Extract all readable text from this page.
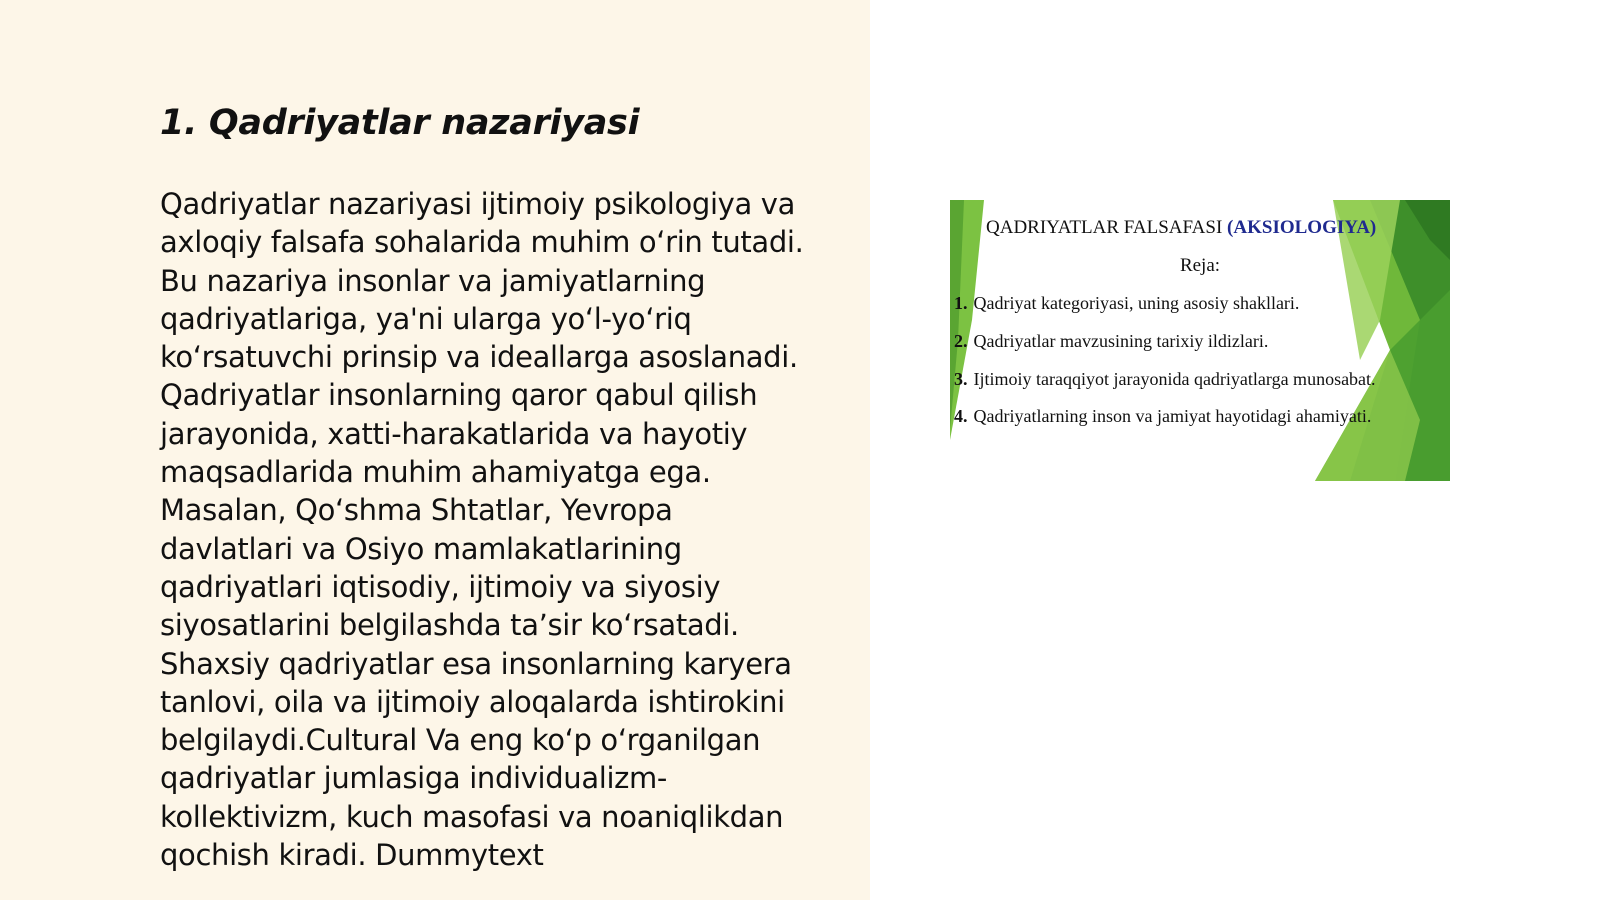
1. Qadriyatlar nazariyasi

Qadriyatlar nazariyasi ijtimoiy psikologiya va
axloqiy falsafa sohalarida muhim o‘rin tutadi.
Bu nazariya insonlar va jamiyatlarning
qadriyatlariga, ya'ni ularga yo‘l-yo‘riq
ko‘rsatuvchi prinsip va ideallarga asoslanadi.
Qadriyatlar insonlarning qaror qabul qilish
jarayonida, xatti-harakatlarida va hayotiy
maqsadlarida muhim ahamiyatga ega.
Masalan, Qo‘shma Shtatlar, Yevropa
davlatlari va Osiyo mamlakatlarining
qadriyatlari iqtisodiy, ijtimoiy va siyosiy
siyosatlarini belgilashda ta’sir ko‘rsatadi.
Shaxsiy qadriyatlar esa insonlarning karyera
tanlovi, oila va ijtimoiy aloqalarda ishtirokini
belgilaydi.Cultural Va eng ko‘p o‘rganilgan
qadriyatlar jumlasiga individualizm-
kollektivizm, kuch masofasi va noaniqlikdan
qochish kiradi. Dummytext

QADRIYATLAR FALSAFASI (AKSIOLOGIYA)
Reja:
1. Qadriyat kategoriyasi, uning asosiy shakllari.
2. Qadriyatlar mavzusining tarixiy ildizlari.
3. Ijtimoiy taraqqiyot jarayonida qadriyatlarga munosabat.
4. Qadriyatlarning inson va jamiyat hayotidagi ahamiyati.
